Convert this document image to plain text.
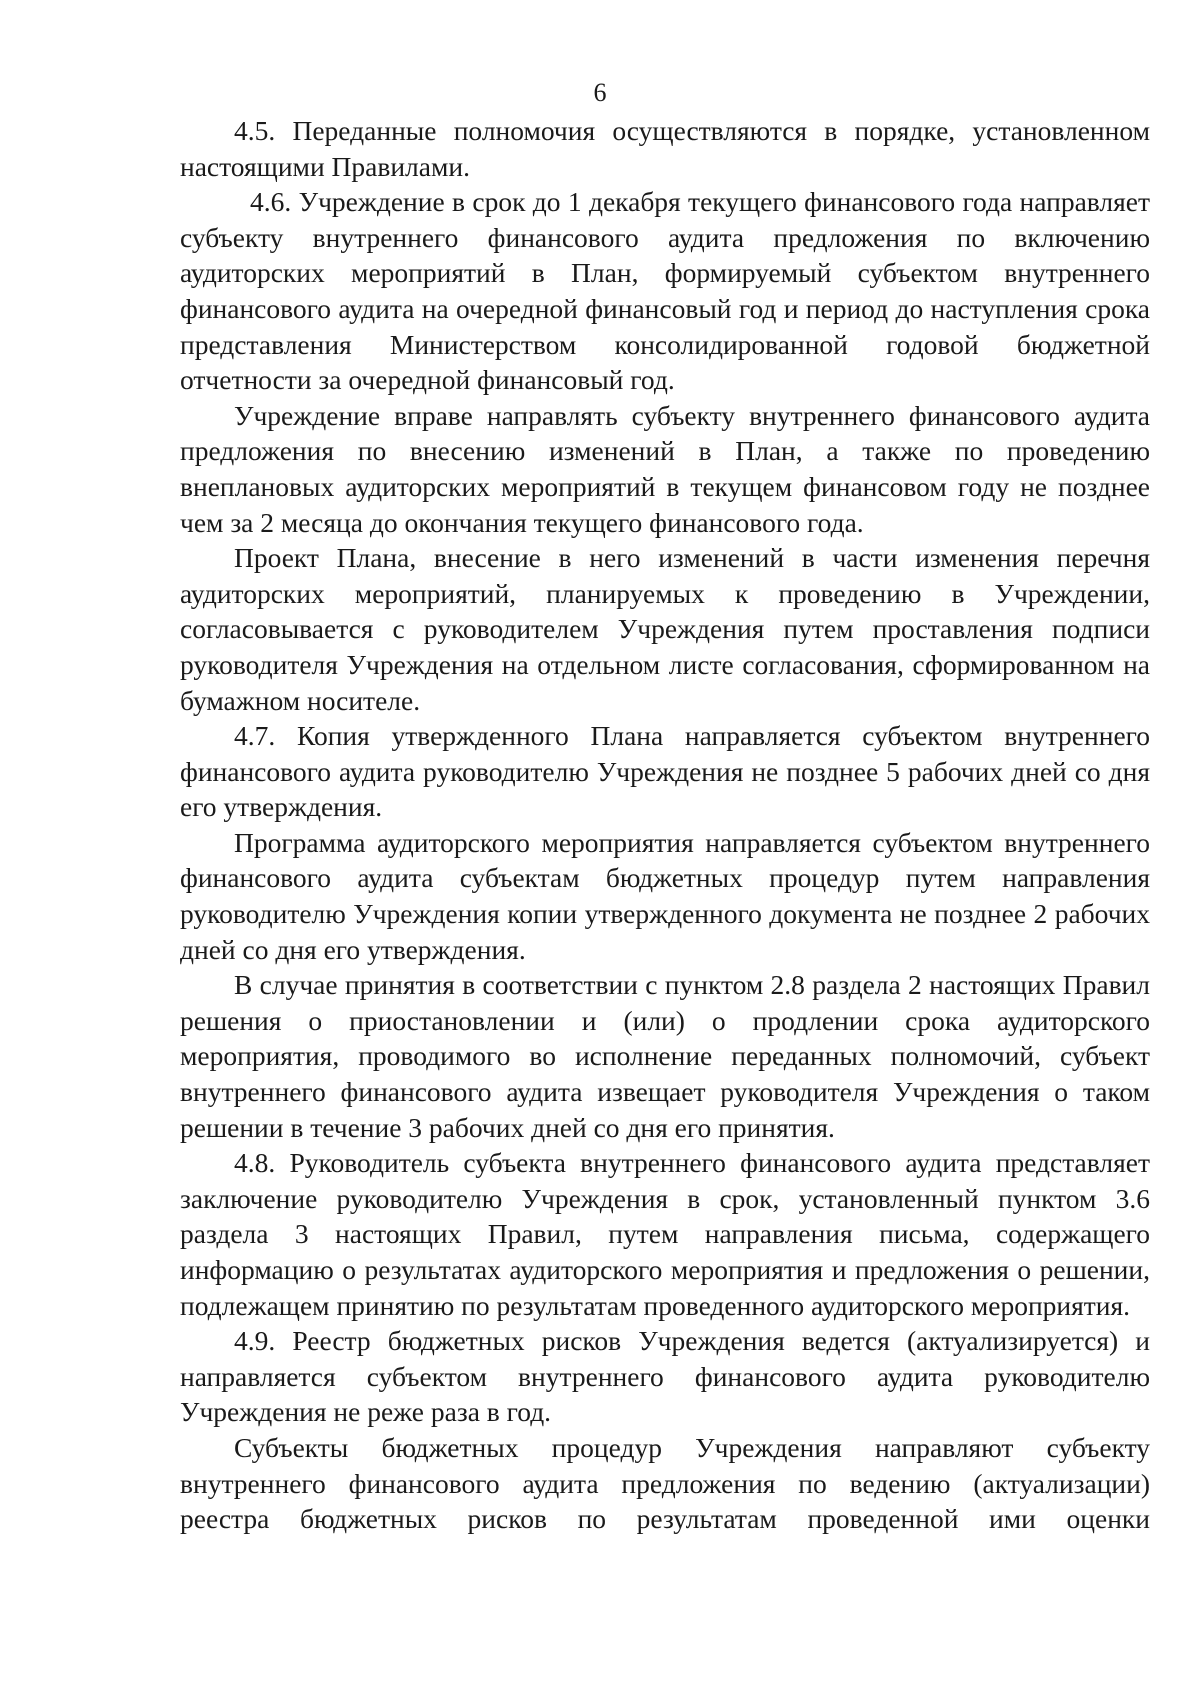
6

4.5. Переданные полномочия осуществляются в порядке, установленном настоящими Правилами.

4.6. Учреждение в срок до 1 декабря текущего финансового года направляет субъекту внутреннего финансового аудита предложения по включению аудиторских мероприятий в План, формируемый субъектом внутреннего финансового аудита на очередной финансовый год и период до наступления срока представления Министерством консолидированной годовой бюджетной отчетности за очередной финансовый год.

Учреждение вправе направлять субъекту внутреннего финансового аудита предложения по внесению изменений в План, а также по проведению внеплановых аудиторских мероприятий в текущем финансовом году не позднее чем за 2 месяца до окончания текущего финансового года.

Проект Плана, внесение в него изменений в части изменения перечня аудиторских мероприятий, планируемых к проведению в Учреждении, согласовывается с руководителем Учреждения путем проставления подписи руководителя Учреждения на отдельном листе согласования, сформированном на бумажном носителе.

4.7. Копия утвержденного Плана направляется субъектом внутреннего финансового аудита руководителю Учреждения не позднее 5 рабочих дней со дня его утверждения.

Программа аудиторского мероприятия направляется субъектом внутреннего финансового аудита субъектам бюджетных процедур путем направления руководителю Учреждения копии утвержденного документа не позднее 2 рабочих дней со дня его утверждения.

В случае принятия в соответствии с пунктом 2.8 раздела 2 настоящих Правил решения о приостановлении и (или) о продлении срока аудиторского мероприятия, проводимого во исполнение переданных полномочий, субъект внутреннего финансового аудита извещает руководителя Учреждения о таком решении в течение 3 рабочих дней со дня его принятия.

4.8. Руководитель субъекта внутреннего финансового аудита представляет заключение руководителю Учреждения в срок, установленный пунктом 3.6 раздела 3 настоящих Правил, путем направления письма, содержащего информацию о результатах аудиторского мероприятия и предложения о решении, подлежащем принятию по результатам проведенного аудиторского мероприятия.

4.9. Реестр бюджетных рисков Учреждения ведется (актуализируется) и направляется субъектом внутреннего финансового аудита руководителю Учреждения не реже раза в год.

Субъекты бюджетных процедур Учреждения направляют субъекту внутреннего финансового аудита предложения по ведению (актуализации) реестра бюджетных рисков по результатам проведенной ими оценки
